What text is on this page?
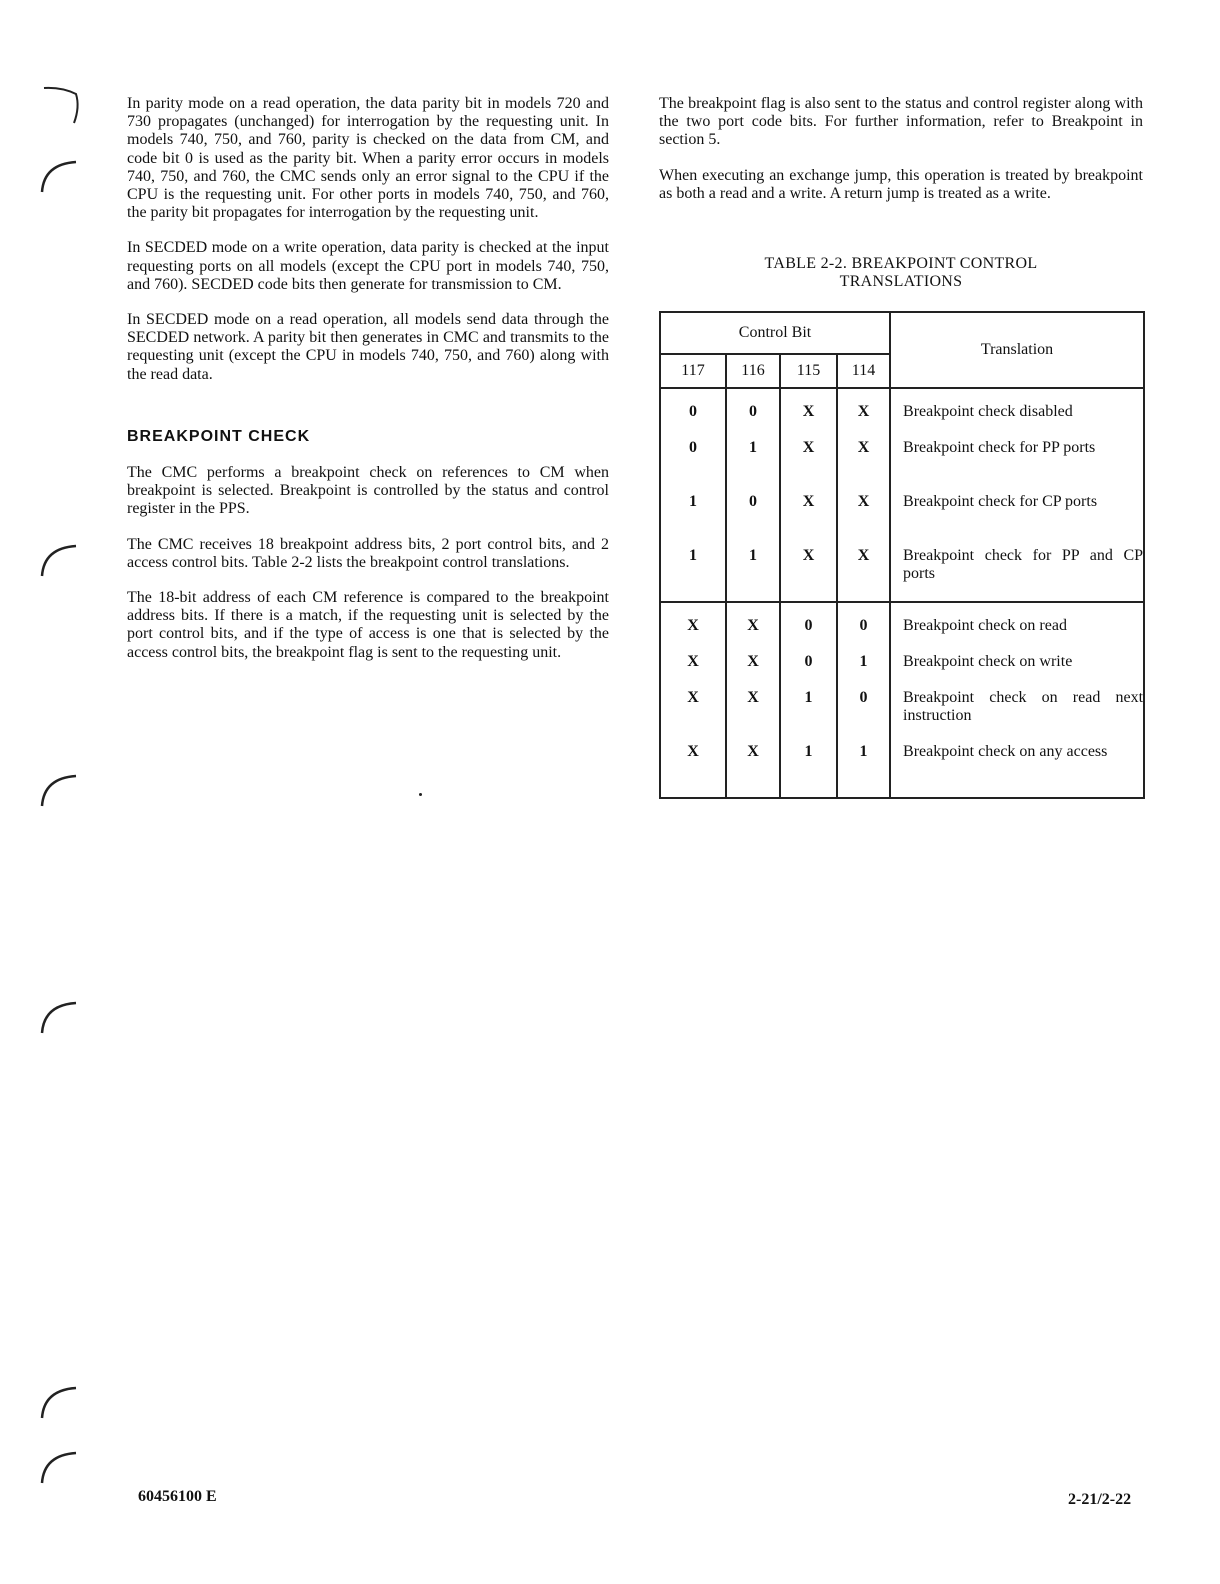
In parity mode on a read operation, the data parity bit in models 720 and 730 propagates (unchanged) for interrogation by the requesting unit. In models 740, 750, and 760, parity is checked on the data from CM, and code bit 0 is used as the parity bit. When a parity error occurs in models 740, 750, and 760, the CMC sends only an error signal to the CPU if the CPU is the requesting unit. For other ports in models 740, 750, and 760, the parity bit propagates for interrogation by the requesting unit.

In SECDED mode on a write operation, data parity is checked at the input requesting ports on all models (except the CPU port in models 740, 750, and 760). SECDED code bits then generate for transmission to CM.

In SECDED mode on a read operation, all models send data through the SECDED network. A parity bit then generates in CMC and transmits to the requesting unit (except the CPU in models 740, 750, and 760) along with the read data.

BREAKPOINT CHECK

The CMC performs a breakpoint check on references to CM when breakpoint is selected. Breakpoint is controlled by the status and control register in the PPS.

The CMC receives 18 breakpoint address bits, 2 port control bits, and 2 access control bits. Table 2-2 lists the breakpoint control translations.

The 18-bit address of each CM reference is compared to the breakpoint address bits. If there is a match, if the requesting unit is selected by the port control bits, and if the type of access is one that is selected by the access control bits, the breakpoint flag is sent to the requesting unit.

The breakpoint flag is also sent to the status and control register along with the two port code bits. For further information, refer to Breakpoint in section 5.

When executing an exchange jump, this operation is treated by breakpoint as both a read and a write. A return jump is treated as a write.

TABLE 2-2. BREAKPOINT CONTROL
TRANSLATIONS
Control Bit				Translation
117	116	115	114	
0	0	X	X	Breakpoint check disabled
0	1	X	X	Breakpoint check for PP ports
1	0	X	X	Breakpoint check for CP ports
1	1	X	X	Breakpoint check for PP and CP ports
X	X	0	0	Breakpoint check on read
X	X	0	1	Breakpoint check on write
X	X	1	0	Breakpoint check on read next instruction
X	X	1	1	Breakpoint check on any access
60456100 E	2-21/2-22
